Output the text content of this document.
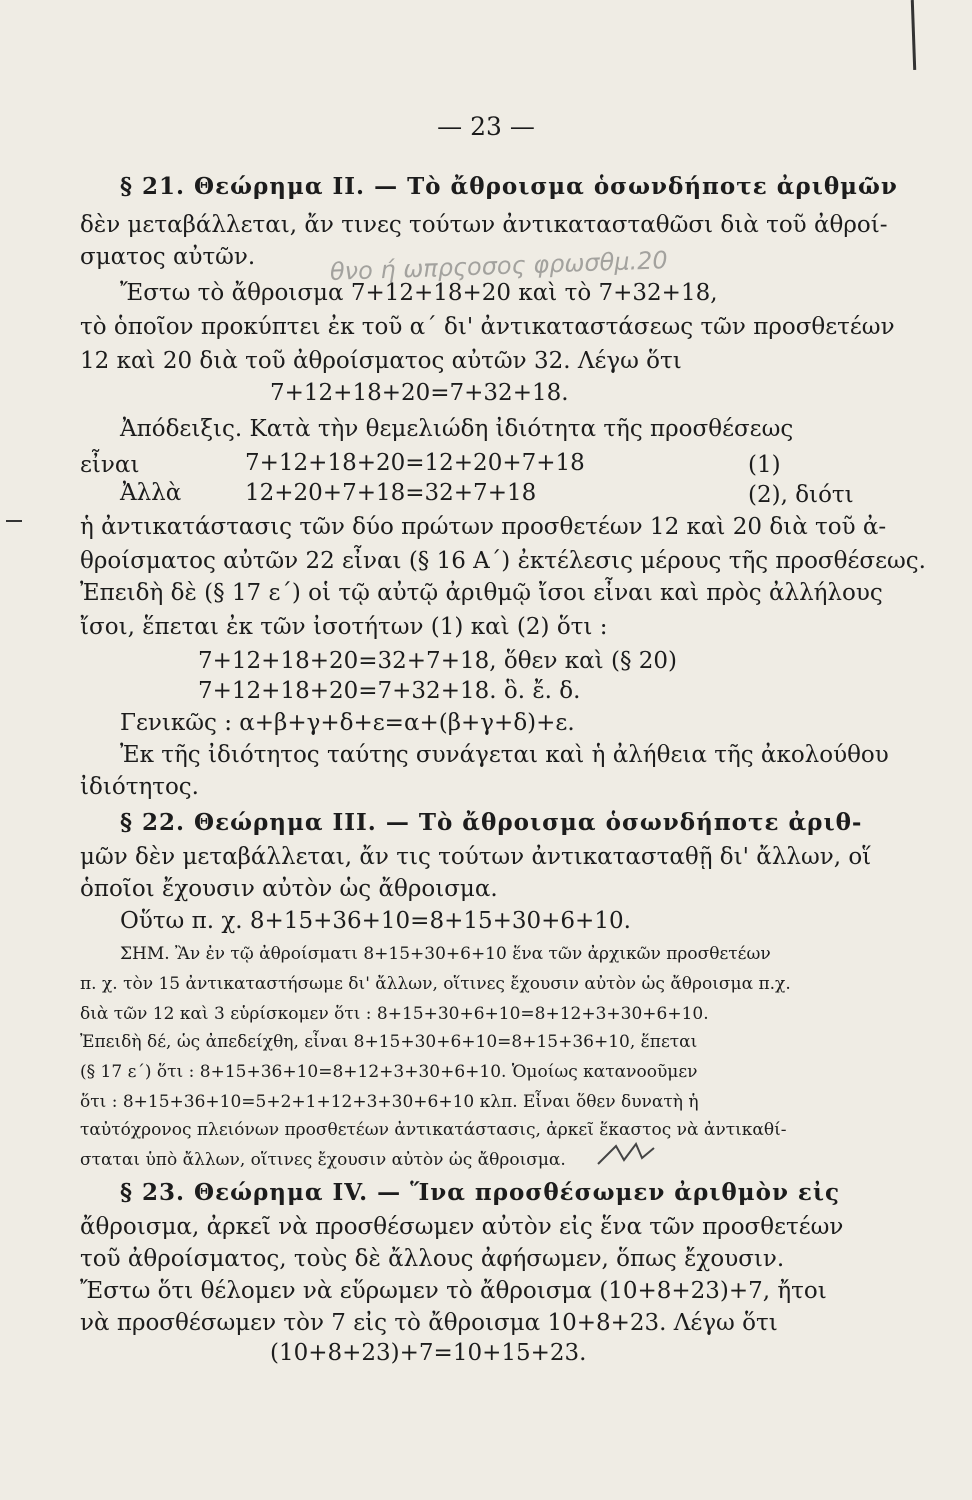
— 23 —
§ 21. Θεώρημα II. — Τὸ ἄθροισμα ὁσωνδήποτε ἀριθμῶν
δὲν μεταβάλλεται, ἄν τινες τούτων ἀντικατασταθῶσι διὰ τοῦ ἀθροί-
σματος αὐτῶν.	θνο ή ωπρςοσος φρωσθμ.20
Ἔστω τὸ ἄθροισμα 7+12+18+20 καὶ τὸ 7+32+18,
τὸ ὁποῖον προκύπτει ἐκ τοῦ α΄ δι' ἀντικαταστάσεως τῶν προσθετέων
12 καὶ 20 διὰ τοῦ ἀθροίσματος αὐτῶν 32. Λέγω ὅτι
7+12+18+20=7+32+18.
Ἀπόδειξις. Κατὰ τὴν θεμελιώδη ἰδιότητα τῆς προσθέσεως
εἶναι	7+12+18+20=12+20+7+18	(1)
Ἀλλὰ	12+20+7+18=32+7+18	(2), διότι
ἡ ἀντικατάστασις τῶν δύο πρώτων προσθετέων 12 καὶ 20 διὰ τοῦ ἀ-
θροίσματος αὐτῶν 22 εἶναι (§ 16 Α΄) ἐκτέλεσις μέρους τῆς προσθέσεως.
Ἐπειδὴ δὲ (§ 17 ε΄) οἱ τῷ αὐτῷ ἀριθμῷ ἴσοι εἶναι καὶ πρὸς ἀλλήλους
ἴσοι, ἕπεται ἐκ τῶν ἰσοτήτων (1) καὶ (2) ὅτι :
7+12+18+20=32+7+18, ὅθεν καὶ (§ 20)
7+12+18+20=7+32+18. ὃ. ἔ. δ.
Γενικῶς : α+β+γ+δ+ε=α+(β+γ+δ)+ε.
Ἐκ τῆς ἰδιότητος ταύτης συνάγεται καὶ ἡ ἀλήθεια τῆς ἀκολούθου
ἰδιότητος.
§ 22. Θεώρημα III. — Τὸ ἄθροισμα ὁσωνδήποτε ἀριθ-
μῶν δὲν μεταβάλλεται, ἄν τις τούτων ἀντικατασταθῇ δι' ἄλλων, οἵ
ὁποῖοι ἔχουσιν αὐτὸν ὡς ἄθροισμα.
Οὕτω π. χ. 8+15+36+10=8+15+30+6+10.
ΣΗΜ. Ἂν ἐν τῷ ἀθροίσματι 8+15+30+6+10 ἕνα τῶν ἀρχικῶν προσθετέων
π. χ. τὸν 15 ἀντικαταστήσωμε δι' ἄλλων, οἵτινες ἔχουσιν αὐτὸν ὡς ἄθροισμα π.χ.
διὰ τῶν 12 καὶ 3 εὑρίσκομεν ὅτι : 8+15+30+6+10=8+12+3+30+6+10.
Ἐπειδὴ δέ, ὡς ἀπεδείχθη, εἶναι 8+15+30+6+10=8+15+36+10, ἕπεται
(§ 17 ε΄) ὅτι : 8+15+36+10=8+12+3+30+6+10. Ὁμοίως κατανοοῦμεν
ὅτι : 8+15+36+10=5+2+1+12+3+30+6+10 κλπ. Εἶναι ὅθεν δυνατὴ ἡ
ταὐτόχρονος πλειόνων προσθετέων ἀντικατάστασις, ἀρκεῖ ἕκαστος νὰ ἀντικαθί-
σταται ὑπὸ ἄλλων, οἵτινες ἔχουσιν αὐτὸν ὡς ἄθροισμα.
§ 23. Θεώρημα IV. — Ἵνα προσθέσωμεν ἀριθμὸν εἰς
ἄθροισμα, ἀρκεῖ νὰ προσθέσωμεν αὐτὸν εἰς ἕνα τῶν προσθετέων
τοῦ ἀθροίσματος, τοὺς δὲ ἄλλους ἀφήσωμεν, ὅπως ἔχουσιν.
Ἔστω ὅτι θέλομεν νὰ εὕρωμεν τὸ ἄθροισμα (10+8+23)+7, ἤτοι
νὰ προσθέσωμεν τὸν 7 εἰς τὸ ἄθροισμα 10+8+23. Λέγω ὅτι
(10+8+23)+7=10+15+23.
